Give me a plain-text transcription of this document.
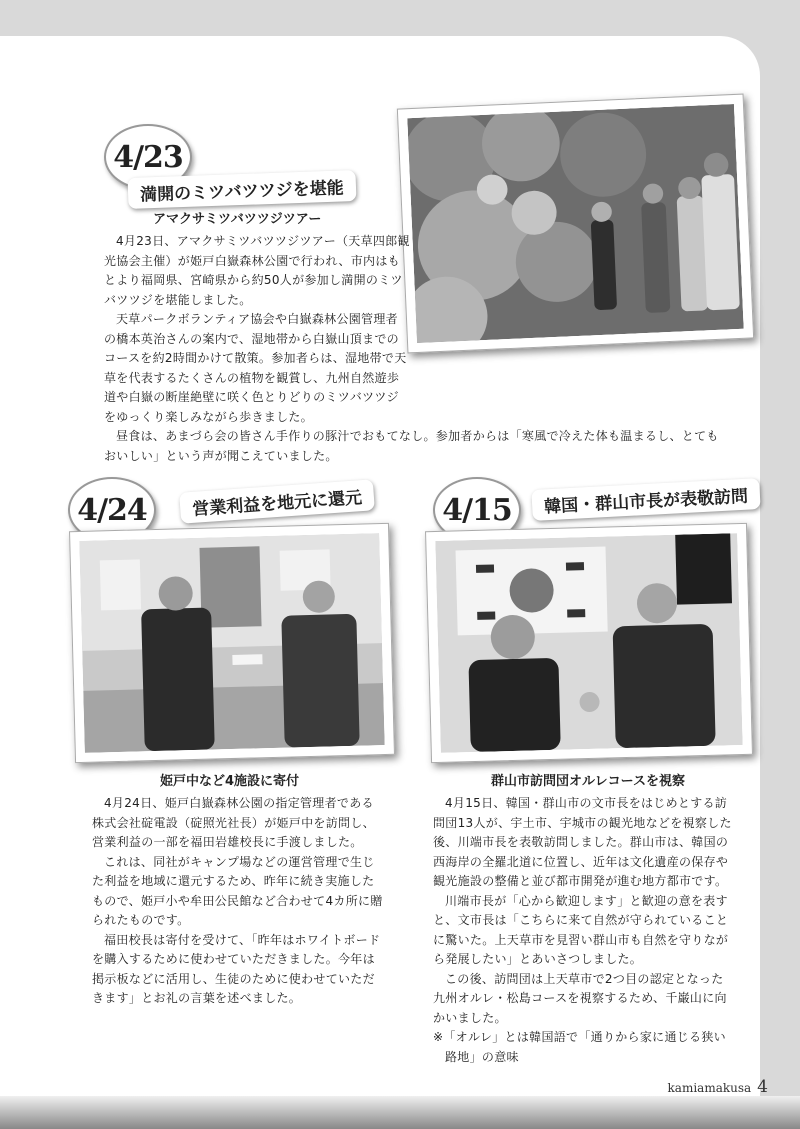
4/23
満開のミツバツツジを堪能
アマクサミツバツツジツアー

4月23日、アマクサミツバツツジツアー（天草四郎観光協会主催）が姫戸白嶽森林公園で行われ、市内はもとより福岡県、宮崎県から約50人が参加し満開のミツバツツジを堪能しました。

天草パークボランティア協会や白嶽森林公園管理者の橋本英治さんの案内で、湿地帯から白嶽山頂までのコースを約2時間かけて散策。参加者らは、湿地帯で天草を代表するたくさんの植物を観賞し、九州自然遊歩道や白嶽の断崖絶壁に咲く色とりどりのミツバツツジをゆっくり楽しみながら歩きました。

昼食は、あまづら会の皆さん手作りの豚汁でおもてなし。参加者からは「寒風で冷えた体も温まるし、とてもおいしい」という声が聞こえていました。

4/24	営業利益を地元に還元
姫戸中など4施設に寄付

4月24日、姫戸白嶽森林公園の指定管理者である株式会社碇電設（碇照光社長）が姫戸中を訪問し、営業利益の一部を福田岩雄校長に手渡しました。

これは、同社がキャンプ場などの運営管理で生じた利益を地域に還元するため、昨年に続き実施したもので、姫戸小や牟田公民館など合わせて4カ所に贈られたものです。

福田校長は寄付を受けて、「昨年はホワイトボードを購入するために使わせていただきました。今年は掲示板などに活用し、生徒のために使わせていただきます」とお礼の言葉を述べました。

4/15	韓国・群山市長が表敬訪問
群山市訪問団オルレコースを視察

4月15日、韓国・群山市の文市長をはじめとする訪問団13人が、宇土市、宇城市の観光地などを視察した後、川端市長を表敬訪問しました。群山市は、韓国の西海岸の全羅北道に位置し、近年は文化遺産の保存や観光施設の整備と並び都市開発が進む地方都市です。

川端市長が「心から歓迎します」と歓迎の意を表すと、文市長は「こちらに来て自然が守られていることに驚いた。上天草市を見習い群山市も自然を守りながら発展したい」とあいさつしました。

この後、訪問団は上天草市で2つ目の認定となった九州オルレ・松島コースを視察するため、千巌山に向かいました。

※「オルレ」とは韓国語で「通りから家に通じる狭い路地」の意味

kamiamakusa 4
